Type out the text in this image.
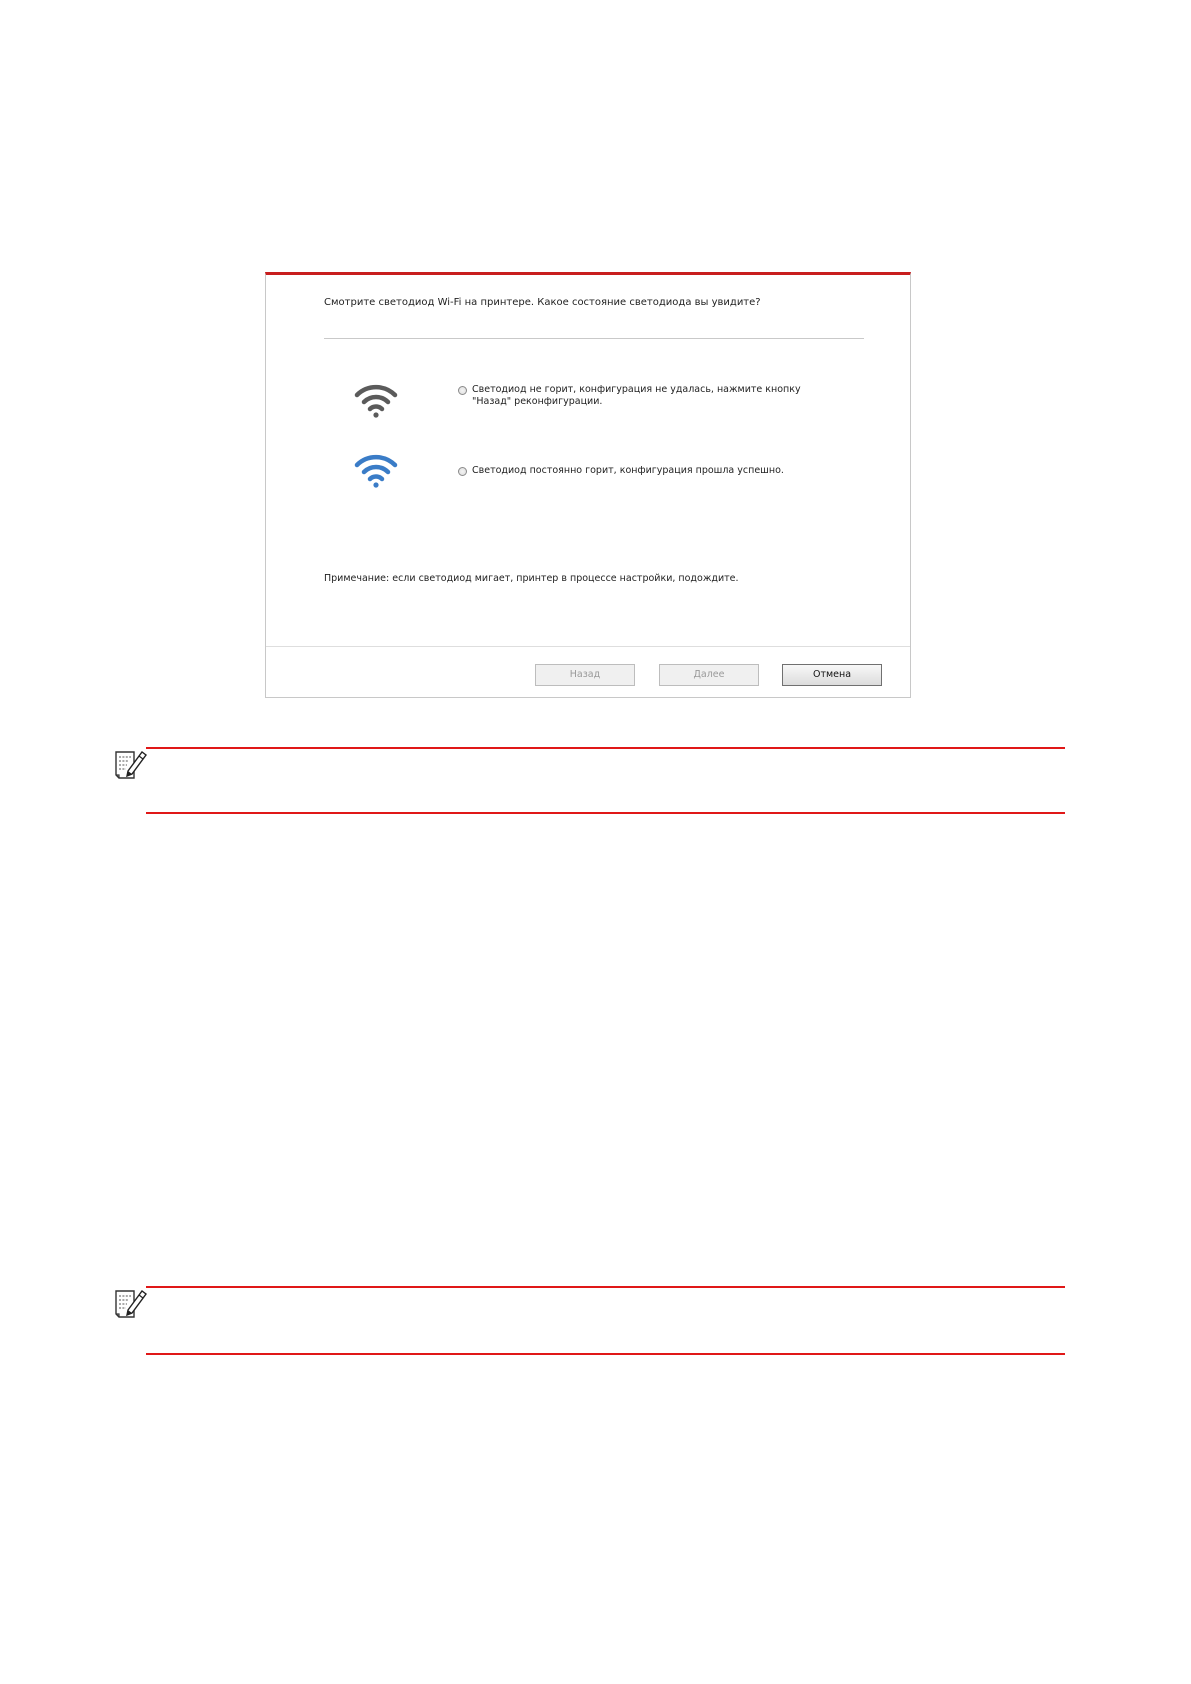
Смотрите светодиод Wi-Fi на принтере. Какое состояние светодиода вы увидите?
Светодиод не горит, конфигурация не удалась, нажмите кнопку "Назад" реконфигурации.
Светодиод постоянно горит, конфигурация прошла успешно.
Примечание: если светодиод мигает, принтер в процессе настройки, подождите.
Назад	Далее	Отмена
